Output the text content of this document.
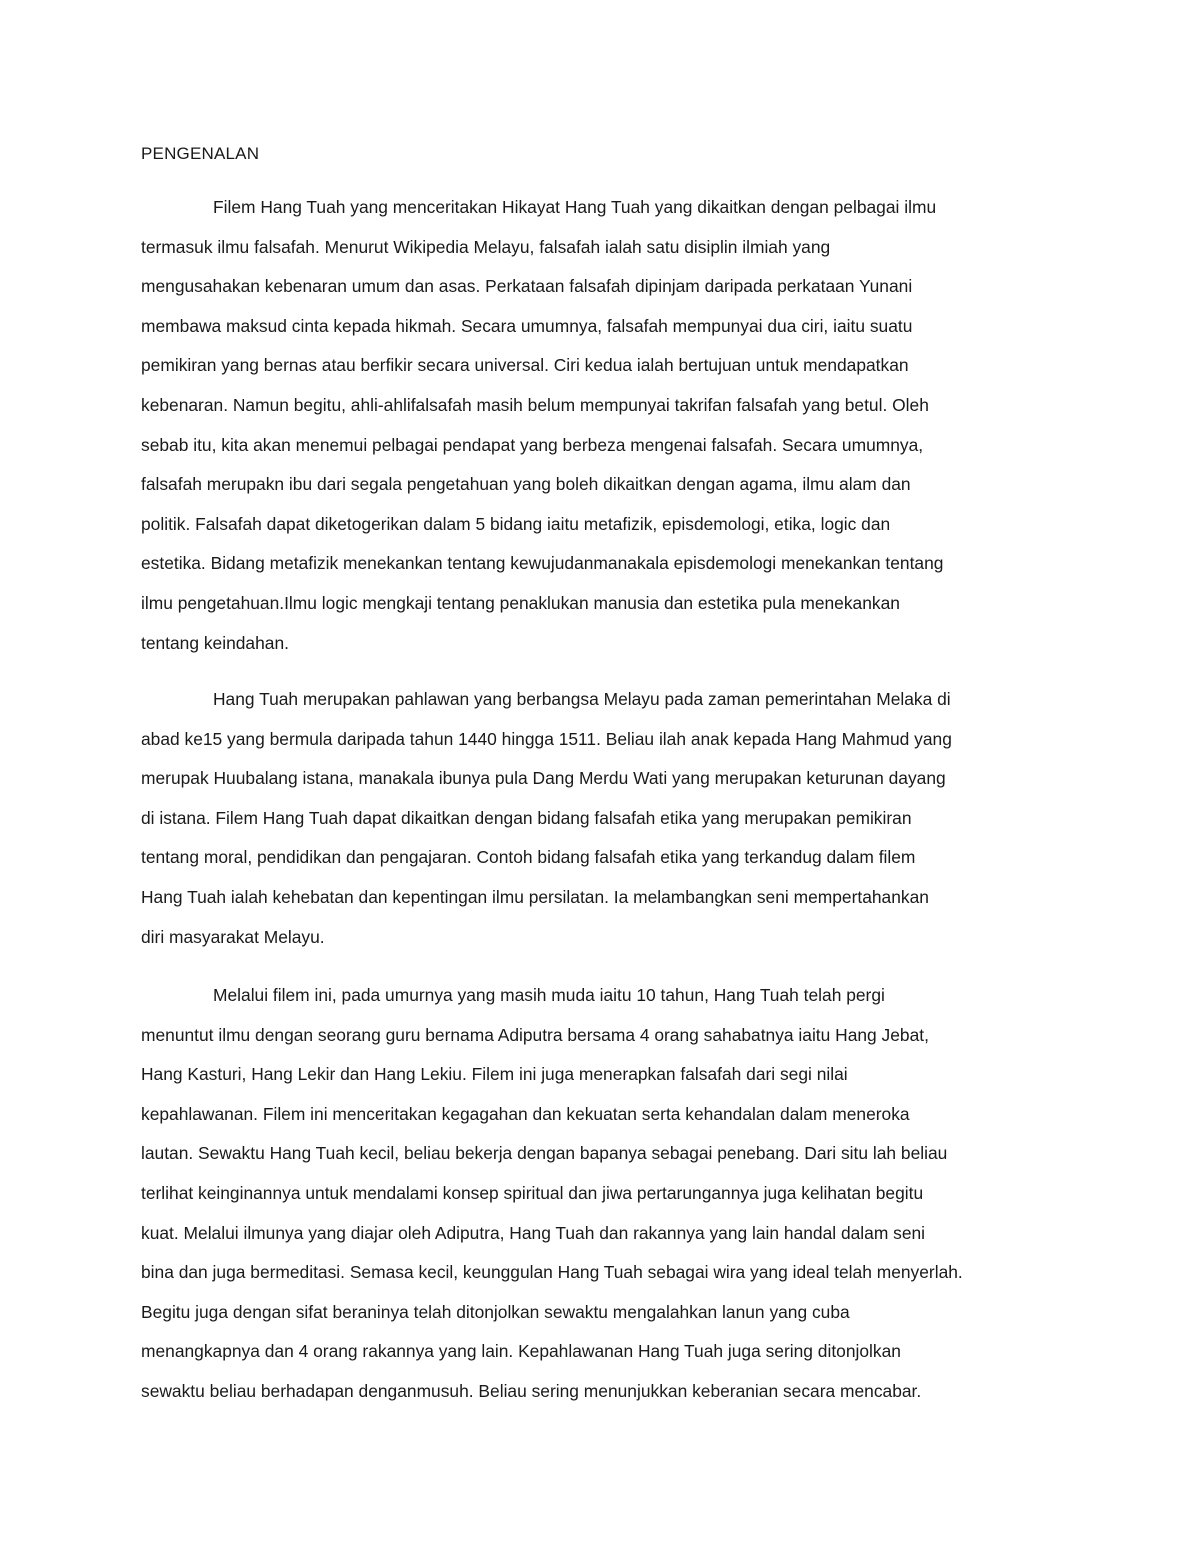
PENGENALAN
Filem Hang Tuah yang menceritakan Hikayat Hang Tuah yang dikaitkan dengan pelbagai ilmu
termasuk ilmu falsafah. Menurut Wikipedia Melayu, falsafah ialah satu disiplin ilmiah yang
mengusahakan kebenaran umum dan asas. Perkataan falsafah dipinjam daripada perkataan Yunani
membawa maksud cinta kepada hikmah. Secara umumnya, falsafah mempunyai dua ciri, iaitu suatu
pemikiran yang bernas atau berfikir secara universal. Ciri kedua ialah bertujuan untuk mendapatkan
kebenaran. Namun begitu, ahli-ahlifalsafah masih belum mempunyai takrifan falsafah yang betul. Oleh
sebab itu, kita akan menemui pelbagai pendapat yang berbeza mengenai falsafah. Secara umumnya,
falsafah merupakn ibu dari segala pengetahuan yang boleh dikaitkan dengan agama, ilmu alam dan
politik. Falsafah dapat diketogerikan dalam 5 bidang iaitu metafizik, episdemologi, etika, logic dan
estetika. Bidang metafizik menekankan tentang kewujudanmanakala episdemologi menekankan tentang
ilmu pengetahuan.Ilmu logic mengkaji tentang penaklukan manusia dan estetika pula menekankan
tentang keindahan.
Hang Tuah merupakan pahlawan yang berbangsa Melayu pada zaman pemerintahan Melaka di
abad ke15 yang bermula daripada tahun 1440 hingga 1511. Beliau ilah anak kepada Hang Mahmud yang
merupak Huubalang istana, manakala ibunya pula Dang Merdu Wati yang merupakan keturunan dayang
di istana. Filem Hang Tuah dapat dikaitkan dengan bidang falsafah etika yang merupakan pemikiran
tentang moral, pendidikan dan pengajaran. Contoh bidang falsafah etika yang terkandug dalam filem
Hang Tuah ialah kehebatan dan kepentingan ilmu persilatan. Ia melambangkan seni mempertahankan
diri masyarakat Melayu.
Melalui filem ini, pada umurnya yang masih muda iaitu 10 tahun, Hang Tuah telah pergi
menuntut ilmu dengan seorang guru bernama Adiputra bersama 4 orang sahabatnya iaitu Hang Jebat,
Hang Kasturi, Hang Lekir dan Hang Lekiu. Filem ini juga menerapkan falsafah dari segi nilai
kepahlawanan. Filem ini menceritakan kegagahan dan kekuatan serta kehandalan dalam meneroka
lautan. Sewaktu Hang Tuah kecil, beliau bekerja dengan bapanya sebagai penebang. Dari situ lah beliau
terlihat keinginannya untuk mendalami konsep spiritual dan jiwa pertarungannya juga kelihatan begitu
kuat. Melalui ilmunya yang diajar oleh Adiputra, Hang Tuah dan rakannya yang lain handal dalam seni
bina dan juga bermeditasi. Semasa kecil, keunggulan Hang Tuah sebagai wira yang ideal telah menyerlah.
Begitu juga dengan sifat beraninya telah ditonjolkan sewaktu mengalahkan lanun yang cuba
menangkapnya dan 4 orang rakannya yang lain. Kepahlawanan Hang Tuah juga sering ditonjolkan
sewaktu beliau berhadapan denganmusuh. Beliau sering menunjukkan keberanian secara mencabar.
